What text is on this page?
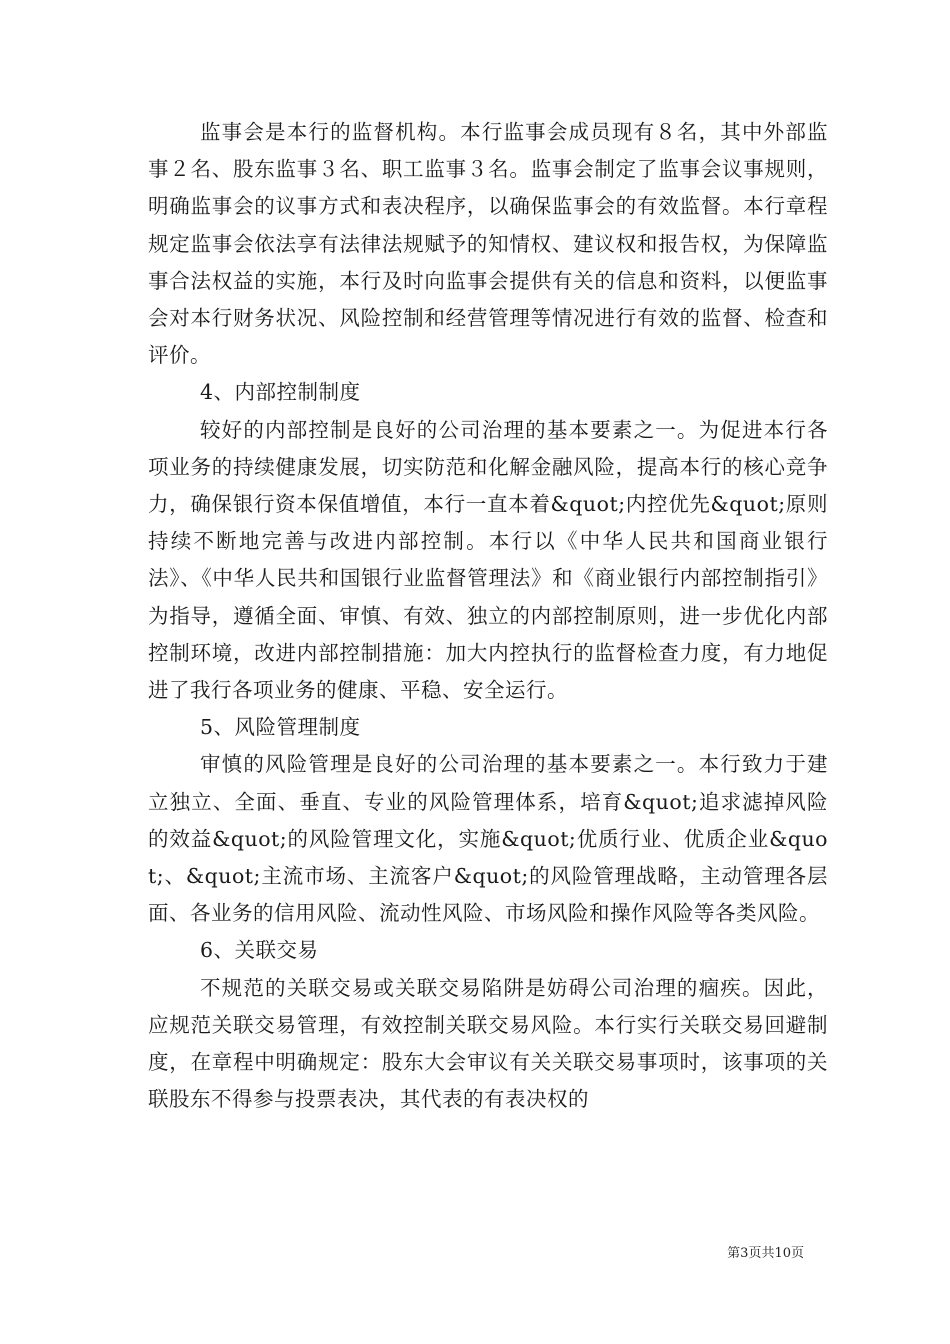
监事会是本行的监督机构。本行监事会成员现有８名，其中外部监事２名、股东监事３名、职工监事３名。监事会制定了监事会议事规则，明确监事会的议事方式和表决程序，以确保监事会的有效监督。本行章程规定监事会依法享有法律法规赋予的知情权、建议权和报告权，为保障监事合法权益的实施，本行及时向监事会提供有关的信息和资料，以便监事会对本行财务状况、风险控制和经营管理等情况进行有效的监督、检查和评价。

4、内部控制制度

较好的内部控制是良好的公司治理的基本要素之一。为促进本行各项业务的持续健康发展，切实防范和化解金融风险，提高本行的核心竞争力，确保银行资本保值增值，本行一直本着&quot;内控优先&quot;原则持续不断地完善与改进内部控制。本行以《中华人民共和国商业银行法》、《中华人民共和国银行业监督管理法》和《商业银行内部控制指引》为指导，遵循全面、审慎、有效、独立的内部控制原则，进一步优化内部控制环境，改进内部控制措施：加大内控执行的监督检查力度，有力地促进了我行各项业务的健康、平稳、安全运行。

5、风险管理制度

审慎的风险管理是良好的公司治理的基本要素之一。本行致力于建立独立、全面、垂直、专业的风险管理体系，培育&quot;追求滤掉风险的效益&quot;的风险管理文化，实施&quot;优质行业、优质企业&quot;、&quot;主流市场、主流客户&quot;的风险管理战略，主动管理各层面、各业务的信用风险、流动性风险、市场风险和操作风险等各类风险。

6、关联交易

不规范的关联交易或关联交易陷阱是妨碍公司治理的痼疾。因此，应规范关联交易管理，有效控制关联交易风险。本行实行关联交易回避制度，在章程中明确规定：股东大会审议有关关联交易事项时，该事项的关联股东不得参与投票表决，其代表的有表决权的

第3页共10页
